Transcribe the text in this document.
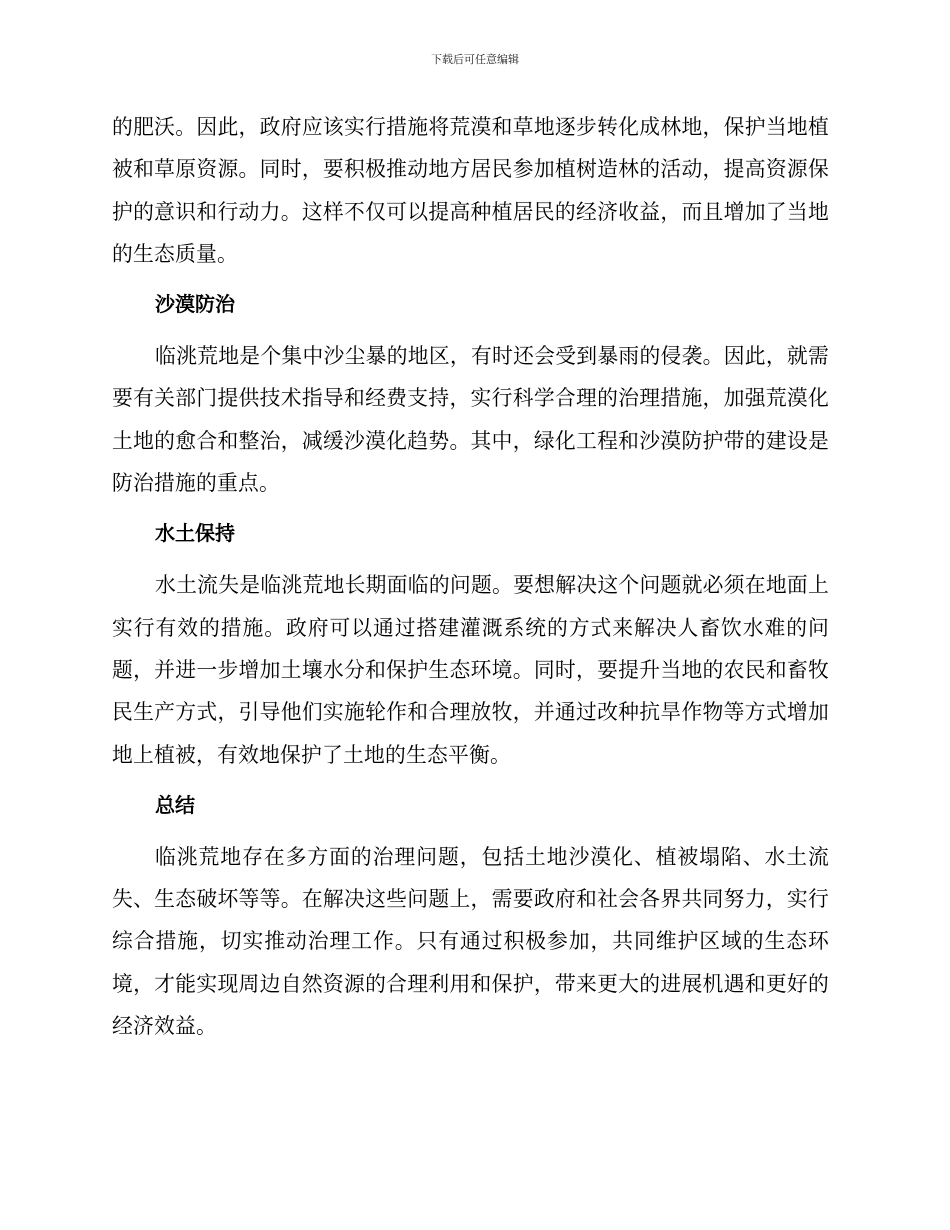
下载后可任意编辑

的肥沃。因此，政府应该实行措施将荒漠和草地逐步转化成林地，保护当地植被和草原资源。同时，要积极推动地方居民参加植树造林的活动，提高资源保护的意识和行动力。这样不仅可以提高种植居民的经济收益，而且增加了当地的生态质量。

沙漠防治

临洮荒地是个集中沙尘暴的地区，有时还会受到暴雨的侵袭。因此，就需要有关部门提供技术指导和经费支持，实行科学合理的治理措施，加强荒漠化土地的愈合和整治，减缓沙漠化趋势。其中，绿化工程和沙漠防护带的建设是防治措施的重点。

水土保持

水土流失是临洮荒地长期面临的问题。要想解决这个问题就必须在地面上实行有效的措施。政府可以通过搭建灌溉系统的方式来解决人畜饮水难的问题，并进一步增加土壤水分和保护生态环境。同时，要提升当地的农民和畜牧民生产方式，引导他们实施轮作和合理放牧，并通过改种抗旱作物等方式增加地上植被，有效地保护了土地的生态平衡。

总结

临洮荒地存在多方面的治理问题，包括土地沙漠化、植被塌陷、水土流失、生态破坏等等。在解决这些问题上，需要政府和社会各界共同努力，实行综合措施，切实推动治理工作。只有通过积极参加，共同维护区域的生态环境，才能实现周边自然资源的合理利用和保护，带来更大的进展机遇和更好的经济效益。
